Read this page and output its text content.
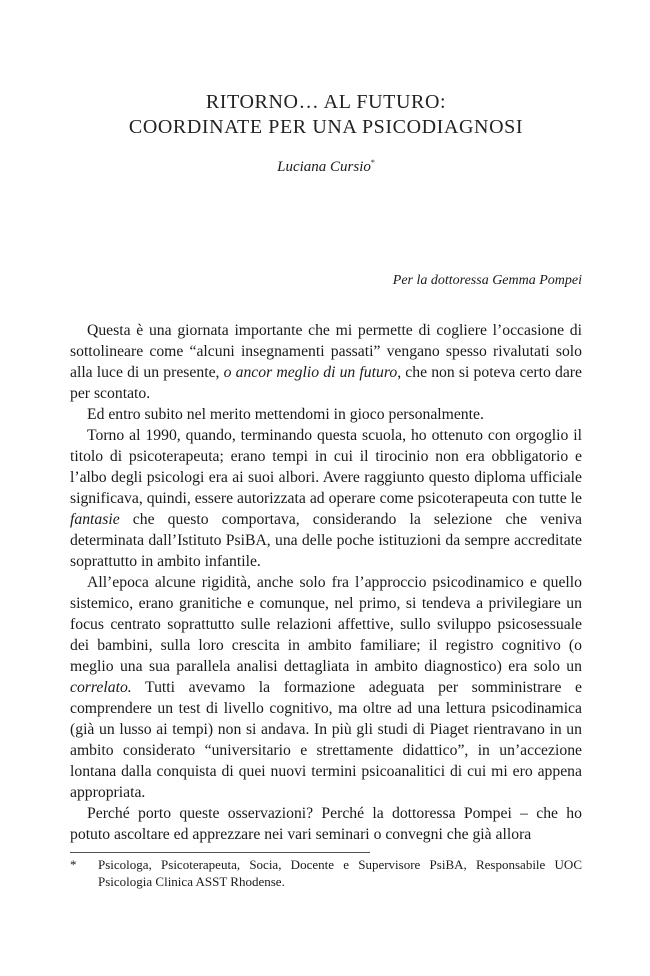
RITORNO… AL FUTURO:
COORDINATE PER UNA PSICODIAGNOSI
Luciana Cursio*
Per la dottoressa Gemma Pompei

Questa è una giornata importante che mi permette di cogliere l’occasione di sottolineare come “alcuni insegnamenti passati” vengano spesso rivalutati solo alla luce di un presente, o ancor meglio di un futuro, che non si poteva certo dare per scontato.

Ed entro subito nel merito mettendomi in gioco personalmente.

Torno al 1990, quando, terminando questa scuola, ho ottenuto con orgoglio il titolo di psicoterapeuta; erano tempi in cui il tirocinio non era obbligatorio e l’albo degli psicologi era ai suoi albori. Avere raggiunto questo diploma ufficiale significava, quindi, essere autorizzata ad operare come psicoterapeuta con tutte le fantasie che questo comportava, considerando la selezione che veniva determinata dall’Istituto PsiBA, una delle poche istituzioni da sempre accreditate soprattutto in ambito infantile.

All’epoca alcune rigidità, anche solo fra l’approccio psicodinamico e quello sistemico, erano granitiche e comunque, nel primo, si tendeva a privilegiare un focus centrato soprattutto sulle relazioni affettive, sullo sviluppo psicosessuale dei bambini, sulla loro crescita in ambito familiare; il registro cognitivo (o meglio una sua parallela analisi dettagliata in ambito diagnostico) era solo un correlato. Tutti avevamo la formazione adeguata per somministrare e comprendere un test di livello cognitivo, ma oltre ad una lettura psicodinamica (già un lusso ai tempi) non si andava. In più gli studi di Piaget rientravano in un ambito considerato “universitario e strettamente didattico”, in un’accezione lontana dalla conquista di quei nuovi termini psicoanalitici di cui mi ero appena appropriata.

Perché porto queste osservazioni? Perché la dottoressa Pompei – che ho potuto ascoltare ed apprezzare nei vari seminari o convegni che già allora

* Psicologa, Psicoterapeuta, Socia, Docente e Supervisore PsiBA, Responsabile UOC Psicologia Clinica ASST Rhodense.
